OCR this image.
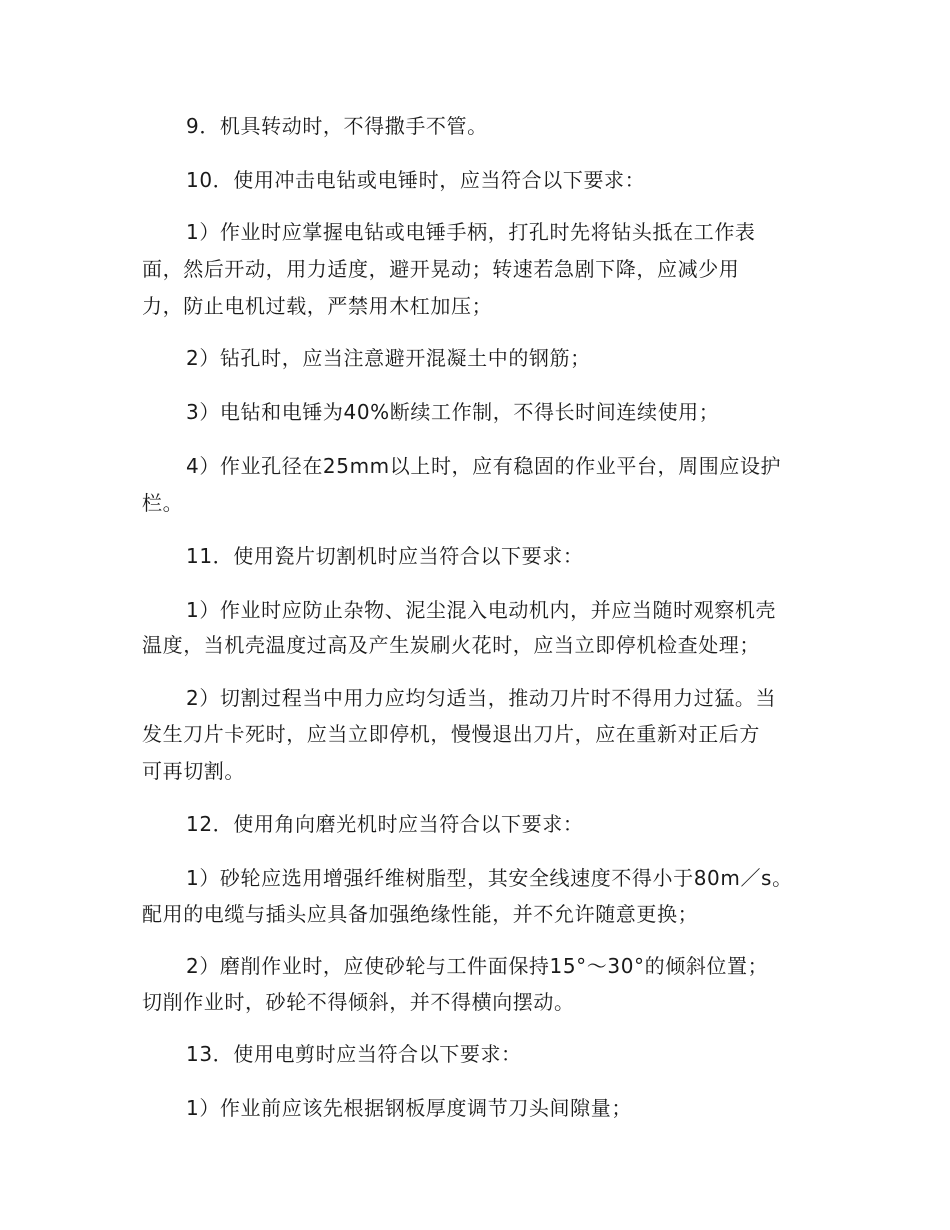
9．机具转动时，不得撒手不管。
10．使用冲击电钻或电锤时，应当符合以下要求：
1）作业时应掌握电钻或电锤手柄，打孔时先将钻头抵在工作表
面，然后开动，用力适度，避开晃动；转速若急剧下降，应减少用
力，防止电机过载，严禁用木杠加压；
2）钻孔时，应当注意避开混凝土中的钢筋；
3）电钻和电锤为40%断续工作制，不得长时间连续使用；
4）作业孔径在25mm以上时，应有稳固的作业平台，周围应设护
栏。
11．使用瓷片切割机时应当符合以下要求：
1）作业时应防止杂物、泥尘混入电动机内，并应当随时观察机壳
温度，当机壳温度过高及产生炭刷火花时，应当立即停机检查处理；
2）切割过程当中用力应均匀适当，推动刀片时不得用力过猛。当
发生刀片卡死时，应当立即停机，慢慢退出刀片，应在重新对正后方
可再切割。
12．使用角向磨光机时应当符合以下要求：
1）砂轮应选用增强纤维树脂型，其安全线速度不得小于80m／s。
配用的电缆与插头应具备加强绝缘性能，并不允许随意更换；
2）磨削作业时，应使砂轮与工件面保持15°～30°的倾斜位置；
切削作业时，砂轮不得倾斜，并不得横向摆动。
13．使用电剪时应当符合以下要求：
1）作业前应该先根据钢板厚度调节刀头间隙量；
